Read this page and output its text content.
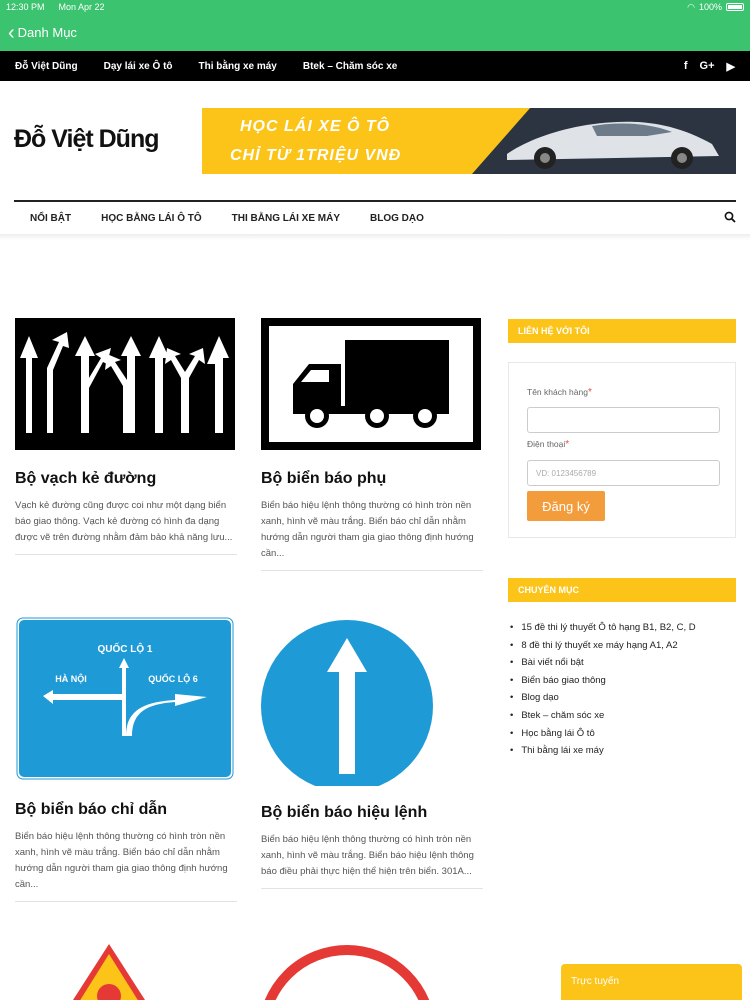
12:30 PM Mon Apr 22	◠ 100%
‹ Danh Mục
Đỗ Việt Dũng	Dạy lái xe Ô tô	Thi bằng xe máy	Btek – Chăm sóc xe	f G+ ▶
Đỗ Việt Dũng	HỌC LÁI XE Ô TÔ
CHỈ TỪ 1TRIỆU VNĐ
NỔI BẬT	HỌC BẰNG LÁI Ô TÔ	THI BẰNG LÁI XE MÁY	BLOG DẠO
Bộ vạch kẻ đường

Vạch kẻ đường cũng được coi như một dạng biển báo giao thông. Vạch kẻ đường có hình đa dạng được vẽ trên đường nhằm đảm bảo khả năng lưu...

Bộ biển báo phụ

Biển báo hiệu lệnh thông thường có hình tròn nền xanh, hình vẽ màu trắng. Biển báo chỉ dẫn nhằm hướng dẫn người tham gia giao thông định hướng cần...

QUỐC LỘ 1
HÀ NỘI	QUỐC LỘ 6
Bộ biển báo chỉ dẫn

Biển báo hiệu lệnh thông thường có hình tròn nền xanh, hình vẽ màu trắng. Biển báo chỉ dẫn nhằm hướng dẫn người tham gia giao thông định hướng cần...

Bộ biển báo hiệu lệnh

Biển báo hiệu lệnh thông thường có hình tròn nền xanh, hình vẽ màu trắng. Biển báo hiệu lệnh thông báo điều phải thực hiện thể hiện trên biển. 301A...

LIÊN HỆ VỚI TÔI
Tên khách hàng*
Điện thoại*
VD: 0123456789
Đăng ký
CHUYÊN MỤC
• 15 đề thi lý thuyết Ô tô hạng B1, B2, C, D
• 8 đề thi lý thuyết xe máy hạng A1, A2
• Bài viết nổi bật
• Biển báo giao thông
• Blog dạo
• Btek – chăm sóc xe
• Học bằng lái Ô tô
• Thi bằng lái xe máy
Trực tuyến
